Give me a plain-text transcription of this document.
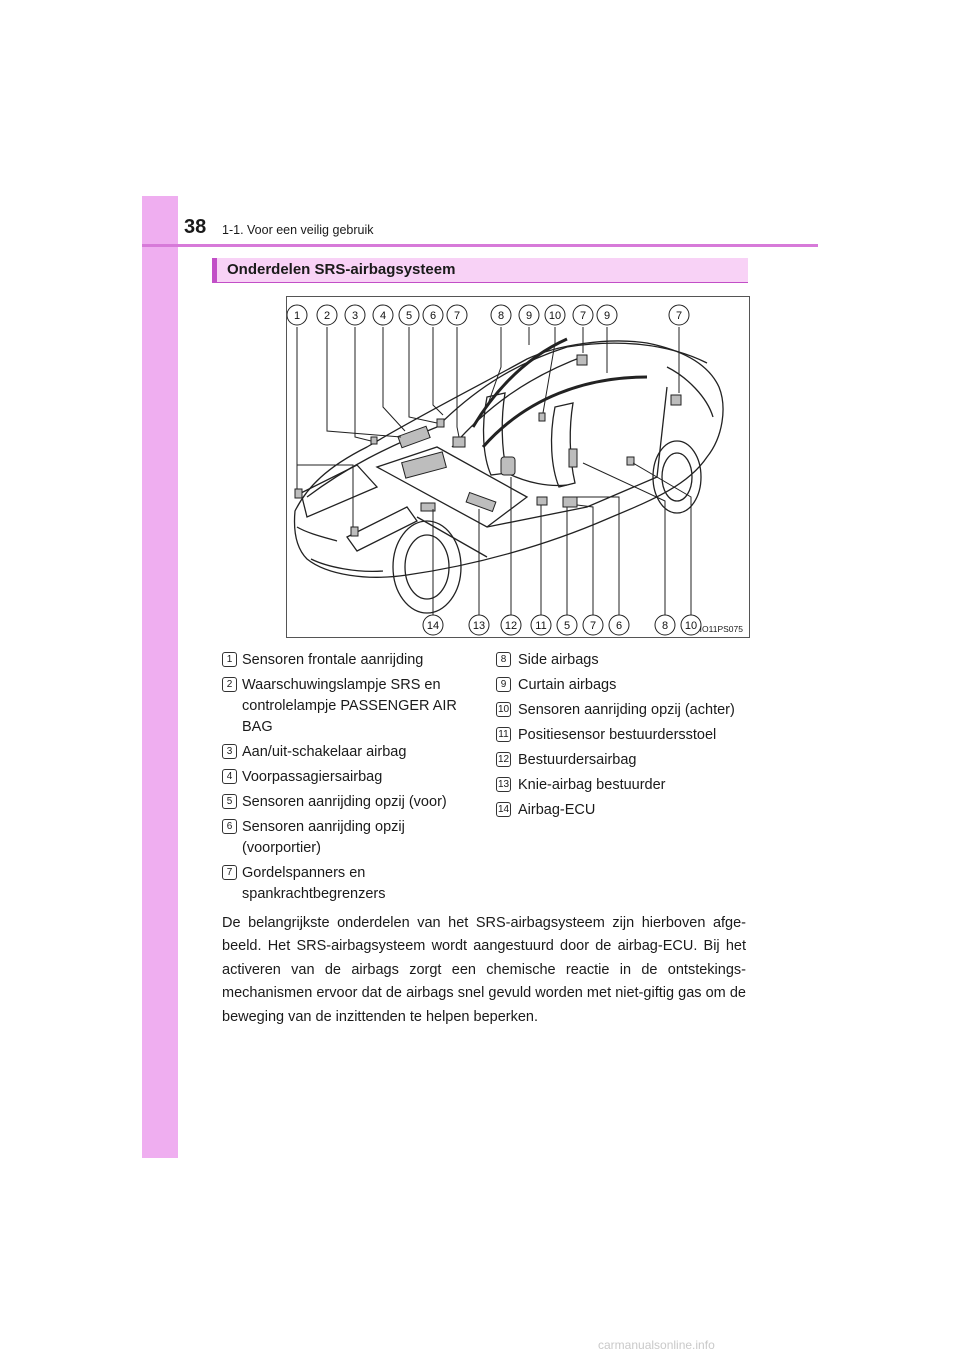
38 1-1. Voor een veilig gebruik
Onderdelen SRS-airbagsysteem
1 2 3 4 5 6 7	8 9 10 7 9	7
14	13 12 11 5 7 6	8 10 IO11PS075
1 Sensoren frontale aanrijding
2 Waarschuwingslampje SRS en controlelampje PASSENGER AIR BAG
3 Aan/uit-schakelaar airbag
4 Voorpassagiersairbag
5 Sensoren aanrijding opzij (voor)
6 Sensoren aanrijding opzij (voorportier)
7 Gordelspanners en spankrachtbegrenzers
8 Side airbags
9 Curtain airbags
10 Sensoren aanrijding opzij (achter)
11 Positiesensor bestuurdersstoel
12 Bestuurdersairbag
13 Knie-airbag bestuurder
14 Airbag-ECU
De belangrijkste onderdelen van het SRS-airbagsysteem zijn hierboven afge-beeld. Het SRS-airbagsysteem wordt aangestuurd door de airbag-ECU. Bij het activeren van de airbags zorgt een chemische reactie in de ontstekings-mechanismen ervoor dat de airbags snel gevuld worden met niet-giftig gas om de beweging van de inzittenden te helpen beperken.
carmanualsonline.info
